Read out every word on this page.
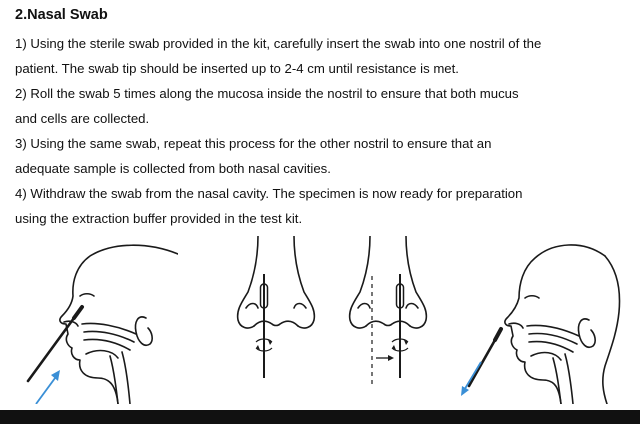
2.Nasal Swab
1) Using the sterile swab provided in the kit, carefully insert the swab into one nostril of the
patient. The swab tip should be inserted up to 2-4 cm until resistance is met.
2) Roll the swab 5 times along the mucosa inside the nostril to ensure that both mucus
and cells are collected.
3) Using the same swab, repeat this process for the other nostril to ensure that an
adequate sample is collected from both nasal cavities.
4) Withdraw the swab from the nasal cavity. The specimen is now ready for preparation
using the extraction buffer provided in the test kit.
